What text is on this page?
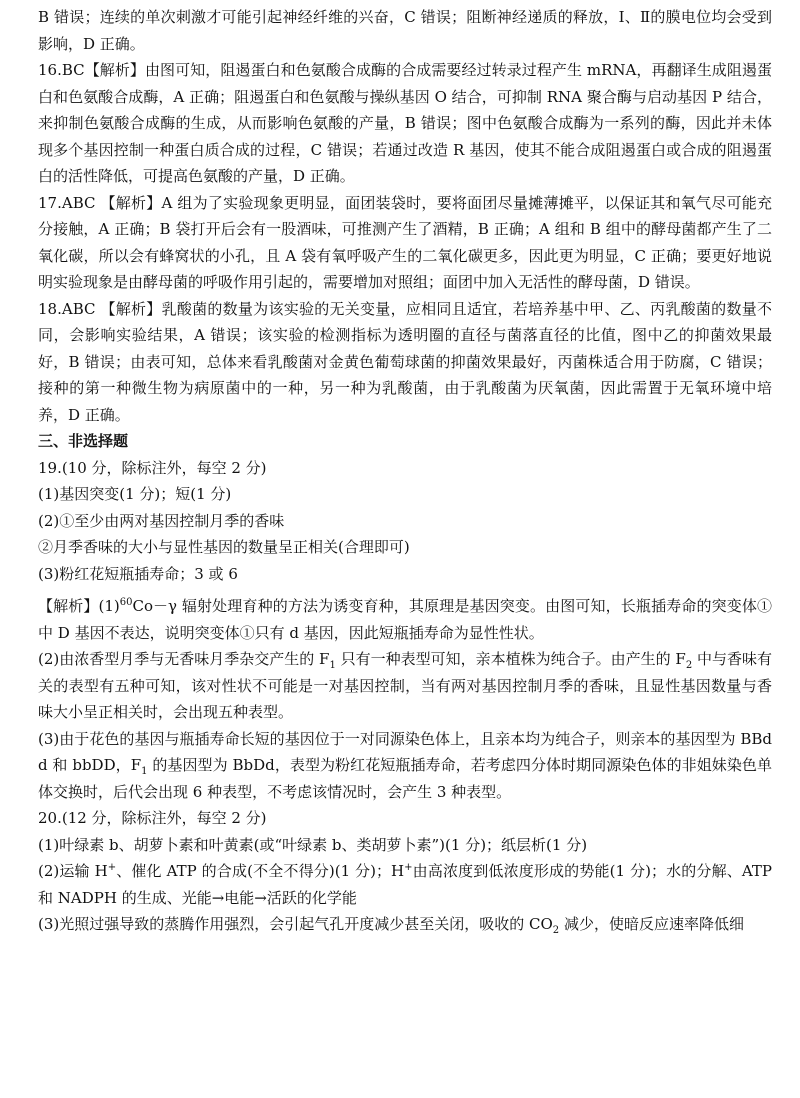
B 错误；连续的单次刺激才可能引起神经纤维的兴奋，C 错误；阻断神经递质的释放，Ⅰ、Ⅱ的膜电位均会受到影响，D 正确。

16.BC【解析】由图可知，阻遏蛋白和色氨酸合成酶的合成需要经过转录过程产生 mRNA，再翻译生成阻遏蛋白和色氨酸合成酶，A 正确；阻遏蛋白和色氨酸与操纵基因 O 结合，可抑制 RNA 聚合酶与启动基因 P 结合，来抑制色氨酸合成酶的生成，从而影响色氨酸的产量，B 错误；图中色氨酸合成酶为一系列的酶，因此并未体现多个基因控制一种蛋白质合成的过程，C 错误；若通过改造 R 基因，使其不能合成阻遏蛋白或合成的阻遏蛋白的活性降低，可提高色氨酸的产量，D 正确。

17.ABC 【解析】A 组为了实验现象更明显，面团装袋时，要将面团尽量摊薄摊平，以保证其和氧气尽可能充分接触，A 正确；B 袋打开后会有一股酒味，可推测产生了酒精，B 正确；A 组和 B 组中的酵母菌都产生了二氧化碳，所以会有蜂窝状的小孔，且 A 袋有氧呼吸产生的二氧化碳更多，因此更为明显，C 正确；要更好地说明实验现象是由酵母菌的呼吸作用引起的，需要增加对照组；面团中加入无活性的酵母菌，D 错误。

18.ABC 【解析】乳酸菌的数量为该实验的无关变量，应相同且适宜，若培养基中甲、乙、丙乳酸菌的数量不同，会影响实验结果，A 错误；该实验的检测指标为透明圈的直径与菌落直径的比值，图中乙的抑菌效果最好，B 错误；由表可知，总体来看乳酸菌对金黄色葡萄球菌的抑菌效果最好，丙菌株适合用于防腐，C 错误；接种的第一种微生物为病原菌中的一种，另一种为乳酸菌，由于乳酸菌为厌氧菌，因此需置于无氧环境中培养，D 正确。

三、非选择题

19.(10 分，除标注外，每空 2 分)

(1)基因突变(1 分)；短(1 分)

(2)①至少由两对基因控制月季的香味

②月季香味的大小与显性基因的数量呈正相关(合理即可)

(3)粉红花短瓶插寿命；3 或 6

【解析】$(1)^{60}Co-\gamma$ 辐射处理育种的方法为诱变育种，其原理是基因突变。由图可知，长瓶插寿命的突变体①中 D 基因不表达，说明突变体①只有 d 基因，因此短瓶插寿命为显性性状。

(2)由浓香型月季与无香味月季杂交产生的 $F_1$ 只有一种表型可知，亲本植株为纯合子。由产生的 $F_2$ 中与香味有关的表型有五种可知，该对性状不可能是一对基因控制，当有两对基因控制月季的香味，且显性基因数量与香味大小呈正相关时，会出现五种表型。

(3)由于花色的基因与瓶插寿命长短的基因位于一对同源染色体上，且亲本均为纯合子，则亲本的基因型为 BBdd 和 bbDD，$F_1$ 的基因型为 BbDd，表型为粉红花短瓶插寿命，若考虑四分体时期同源染色体的非姐妹染色单体交换时，后代会出现 6 种表型，不考虑该情况时，会产生 3 种表型。

20.(12 分，除标注外，每空 2 分)

(1)叶绿素 b、胡萝卜素和叶黄素(或“叶绿素 b、类胡萝卜素”)(1 分)；纸层析(1 分)

(2)运输 H+、催化 ATP 的合成(不全不得分)(1 分)；H+由高浓度到低浓度形成的势能(1 分)；水的分解、ATP 和 NADPH 的生成、光能→电能→活跃的化学能

(3)光照过强导致的蒸腾作用强烈，会引起气孔开度减少甚至关闭，吸收的 $CO_2$ 减少，使暗反应速率降低细
